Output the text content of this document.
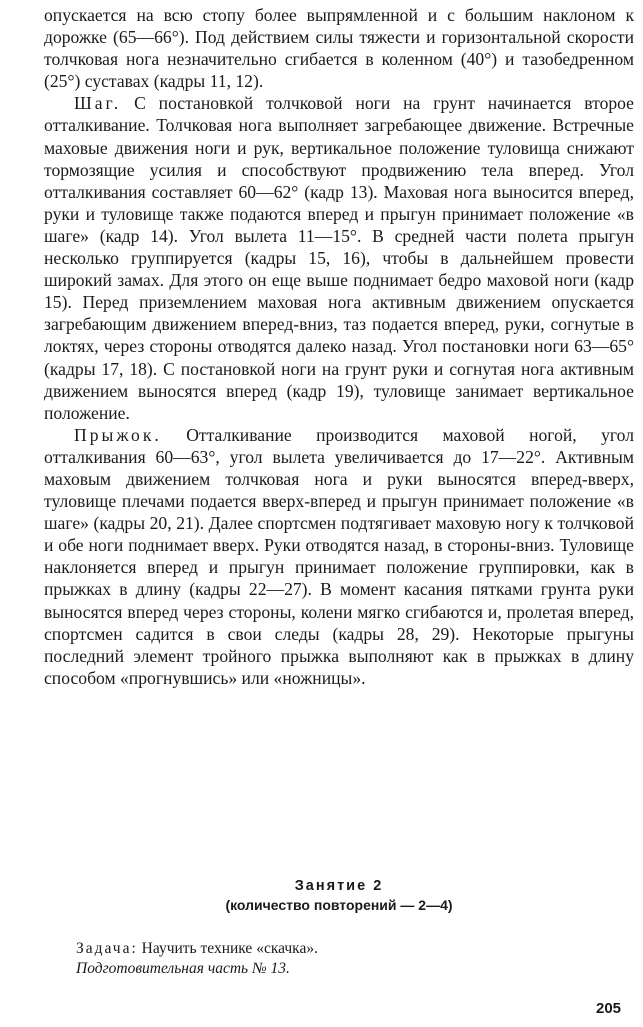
опускается на всю стопу более выпрямленной и с большим наклоном к дорожке (65—66°). Под действием силы тяжести и горизонтальной скорости толчковая нога незначительно сгибается в коленном (40°) и тазобедренном (25°) суставах (кадры 11, 12).

Шаг. С постановкой толчковой ноги на грунт начинается второе отталкивание. Толчковая нога выполняет загребающее движение. Встречные маховые движения ноги и рук, вертикальное положение туловища снижают тормозящие усилия и способствуют продвижению тела вперед. Угол отталкивания составляет 60—62° (кадр 13). Маховая нога выносится вперед, руки и туловище также подаются вперед и прыгун принимает положение «в шаге» (кадр 14). Угол вылета 11—15°. В средней части полета прыгун несколько группируется (кадры 15, 16), чтобы в дальнейшем провести широкий замах. Для этого он еще выше поднимает бедро маховой ноги (кадр 15). Перед приземлением маховая нога активным движением опускается загребающим движением вперед-вниз, таз подается вперед, руки, согнутые в локтях, через стороны отводятся далеко назад. Угол постановки ноги 63—65° (кадры 17, 18). С постановкой ноги на грунт руки и согнутая нога активным движением выносятся вперед (кадр 19), туловище занимает вертикальное положение.

Прыжок. Отталкивание производится маховой ногой, угол отталкивания 60—63°, угол вылета увеличивается до 17—22°. Активным маховым движением толчковая нога и руки выносятся вперед-вверх, туловище плечами подается вверх-вперед и прыгун принимает положение «в шаге» (кадры 20, 21). Далее спортсмен подтягивает маховую ногу к толчковой и обе ноги поднимает вверх. Руки отводятся назад, в стороны-вниз. Туловище наклоняется вперед и прыгун принимает положение группировки, как в прыжках в длину (кадры 22—27). В момент касания пятками грунта руки выносятся вперед через стороны, колени мягко сгибаются и, пролетая вперед, спортсмен садится в свои следы (кадры 28, 29). Некоторые прыгуны последний элемент тройного прыжка выполняют как в прыжках в длину способом «прогнувшись» или «ножницы».

Занятие 2
(количество повторений — 2—4)
Задача: Научить технике «скачка».
Подготовительная часть № 13.
205
